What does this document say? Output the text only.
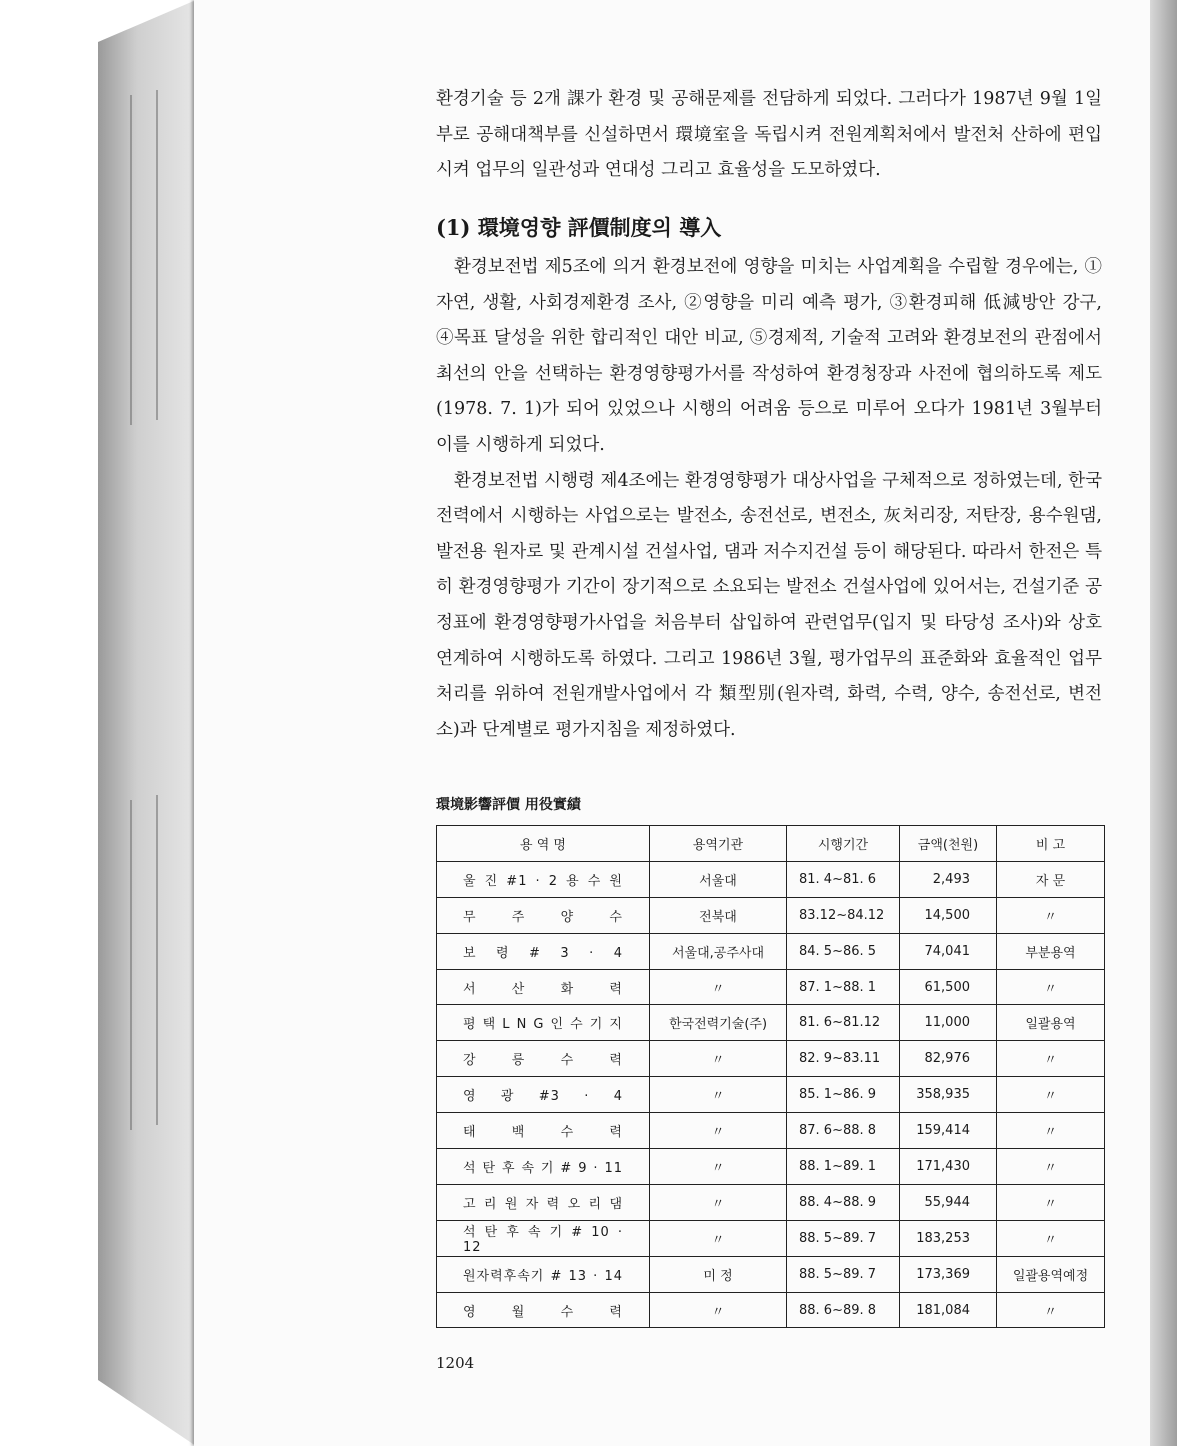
환경기술 등 2개 課가 환경 및 공해문제를 전담하게 되었다. 그러다가 1987년 9월 1일부로 공해대책부를 신설하면서 環境室을 독립시켜 전원계획처에서 발전처 산하에 편입시켜 업무의 일관성과 연대성 그리고 효율성을 도모하였다.

(1) 環境영향 評價制度의 導入

환경보전법 제5조에 의거 환경보전에 영향을 미치는 사업계획을 수립할 경우에는, ①자연, 생활, 사회경제환경 조사, ②영향을 미리 예측 평가, ③환경피해 低減방안 강구, ④목표 달성을 위한 합리적인 대안 비교, ⑤경제적, 기술적 고려와 환경보전의 관점에서 최선의 안을 선택하는 환경영향평가서를 작성하여 환경청장과 사전에 협의하도록 제도(1978. 7. 1)가 되어 있었으나 시행의 어려움 등으로 미루어 오다가 1981년 3월부터 이를 시행하게 되었다.

환경보전법 시행령 제4조에는 환경영향평가 대상사업을 구체적으로 정하였는데, 한국전력에서 시행하는 사업으로는 발전소, 송전선로, 변전소, 灰처리장, 저탄장, 용수원댐, 발전용 원자로 및 관계시설 건설사업, 댐과 저수지건설 등이 해당된다. 따라서 한전은 특히 환경영향평가 기간이 장기적으로 소요되는 발전소 건설사업에 있어서는, 건설기준 공정표에 환경영향평가사업을 처음부터 삽입하여 관련업무(입지 및 타당성 조사)와 상호 연계하여 시행하도록 하였다. 그리고 1986년 3월, 평가업무의 표준화와 효율적인 업무처리를 위하여 전원개발사업에서 각 類型別(원자력, 화력, 수력, 양수, 송전선로, 변전소)과 단계별로 평가지침을 제정하였다.

環境影響評價 用役實績
용 역 명	용역기관	시행기간	금액(천원)	비 고
울 진 #1 · 2 용 수 원	서울대	81. 4~81. 6	2,493	자 문
무 주 양 수	전북대	83.12~84.12	14,500	〃
보 령 # 3 · 4	서울대,공주사대	84. 5~86. 5	74,041	부분용역
서 산 화 력	〃	87. 1~88. 1	61,500	〃
평 택 L N G 인 수 기 지	한국전력기술(주)	81. 6~81.12	11,000	일괄용역
강 릉 수 력	〃	82. 9~83.11	82,976	〃
영 광 #3 · 4	〃	85. 1~86. 9	358,935	〃
태 백 수 력	〃	87. 6~88. 8	159,414	〃
석 탄 후 속 기 # 9 · 11	〃	88. 1~89. 1	171,430	〃
고 리 원 자 력 오 리 댐	〃	88. 4~88. 9	55,944	〃
석 탄 후 속 기 # 10 · 12	〃	88. 5~89. 7	183,253	〃
원자력후속기 # 13 · 14	미 정	88. 5~89. 7	173,369	일괄용역예정
영 월 수 력	〃	88. 6~89. 8	181,084	〃
1204
